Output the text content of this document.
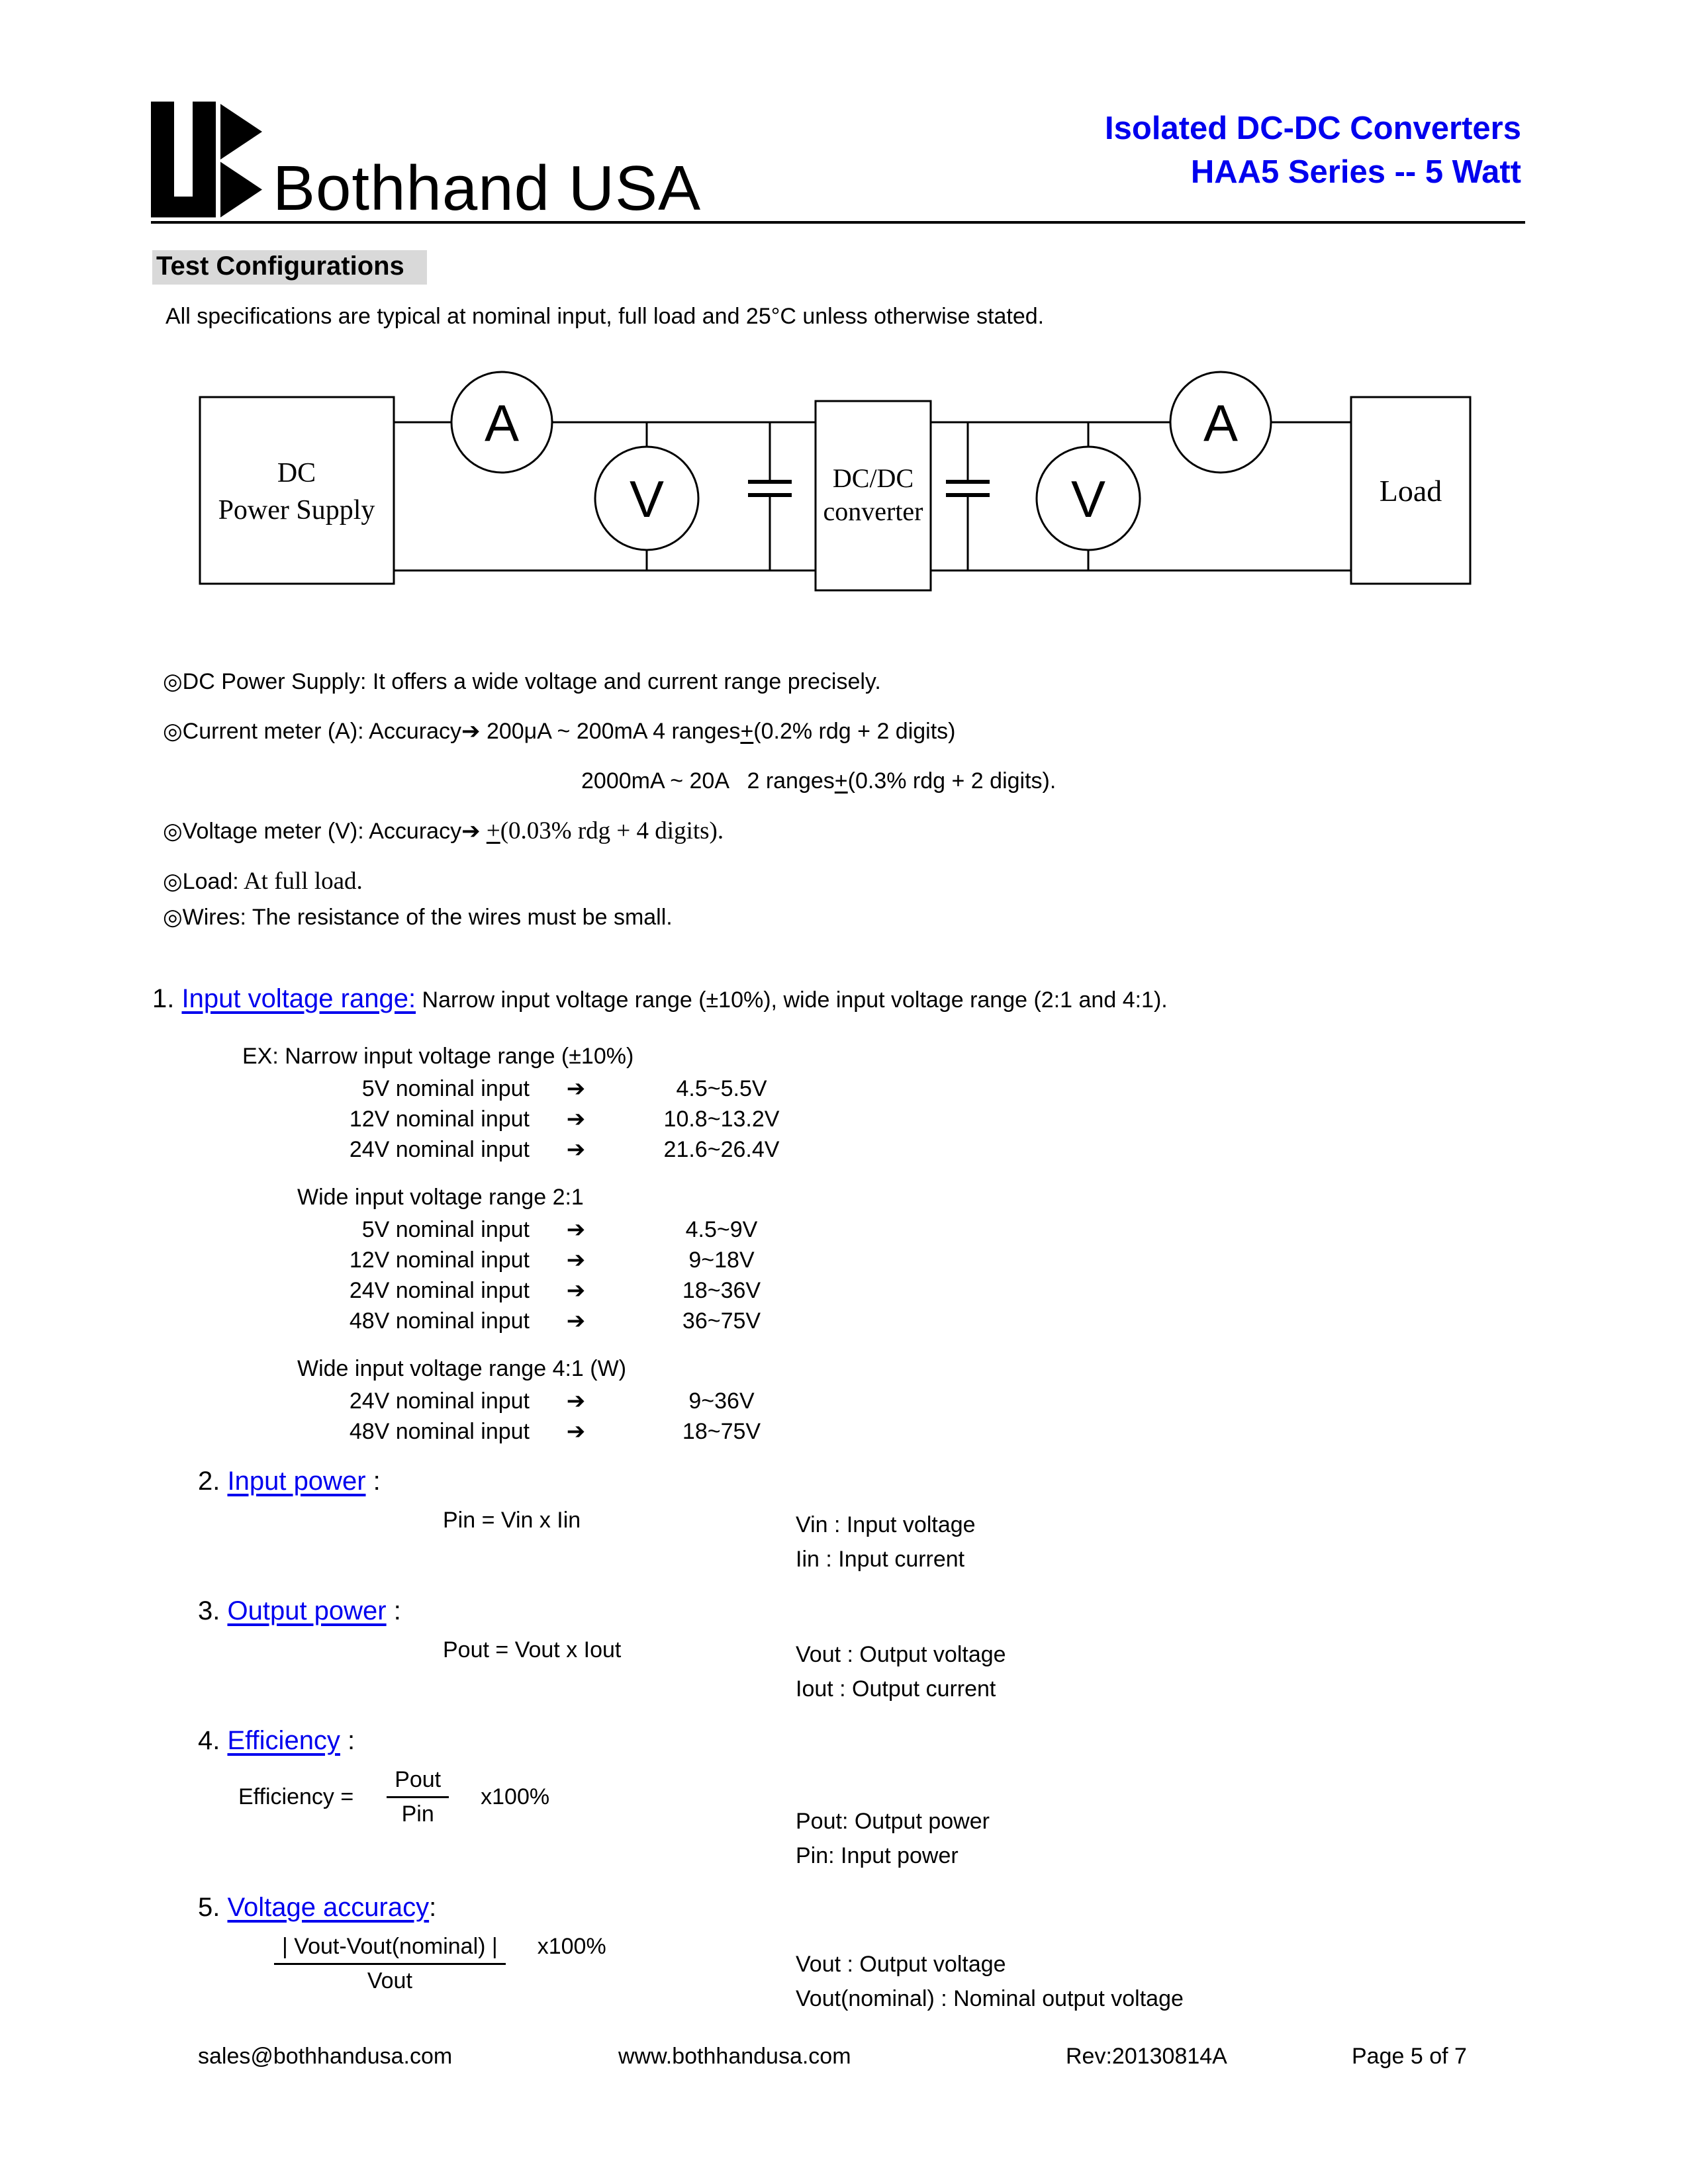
Bothhand USA
Isolated DC-DC Converters
HAA5 Series -- 5 Watt
Test Configurations
All specifications are typical at nominal input, full load and 25°C unless otherwise stated.
DC
Power Supply
DC/DC
converter
Load
A
V	V
A
◎DC Power Supply: It offers a wide voltage and current range precisely.
◎Current meter (A): Accuracy➔ 200μA ~ 200mA 4 ranges+(0.2% rdg + 2 digits)
2000mA ~ 20A   2 ranges+(0.3% rdg + 2 digits).
◎Voltage meter (V): Accuracy➔ +(0.03% rdg + 4 digits).
◎Load: At full load.
◎Wires: The resistance of the wires must be small.
1. Input voltage range: Narrow input voltage range (±10%), wide input voltage range (2:1 and 4:1).
EX: Narrow input voltage range (±10%)
5V nominal input	➔	4.5~5.5V
12V nominal input	➔	10.8~13.2V
24V nominal input	➔	21.6~26.4V
Wide input voltage range 2:1
5V nominal input	➔	4.5~9V
12V nominal input	➔	9~18V
24V nominal input	➔	18~36V
48V nominal input	➔	36~75V
Wide input voltage range 4:1 (W)
24V nominal input	➔	9~36V
48V nominal input	➔	18~75V
2. Input power :
Pin = Vin x Iin	Vin : Input voltage
Iin : Input current
3. Output power :
Pout = Vout x Iout	Vout : Output voltage
Iout : Output current
4. Efficiency :
Efficiency = $\frac{\text{Pout}}{\text{Pin}} x100\%$
Pout: Output power
Pin: Input power
5. Voltage accuracy:
$\frac{\text{| Vout-Vout(nominal) |}}{\text{Vout}} x100\%$
Vout : Output voltage
Vout(nominal) : Nominal output voltage
sales@bothhandusa.com	www.bothhandusa.com	Rev:20130814A	Page 5 of 7
